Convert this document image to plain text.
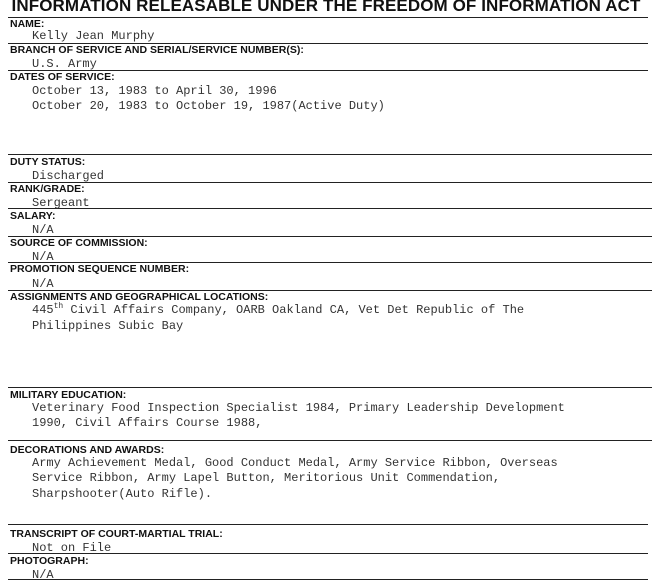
INFORMATION RELEASABLE UNDER THE FREEDOM OF INFORMATION ACT
NAME:
Kelly Jean Murphy
BRANCH OF SERVICE AND SERIAL/SERVICE NUMBER(S):
U.S. Army
DATES OF SERVICE:
October 13, 1983 to April 30, 1996
October 20, 1983 to October 19, 1987(Active Duty)
DUTY STATUS:
Discharged
RANK/GRADE:
Sergeant
SALARY:
N/A
SOURCE OF COMMISSION:
N/A
PROMOTION SEQUENCE NUMBER:
N/A
ASSIGNMENTS AND GEOGRAPHICAL LOCATIONS:
445th Civil Affairs Company, OARB Oakland CA, Vet Det Republic of The
Philippines Subic Bay
MILITARY EDUCATION:
Veterinary Food Inspection Specialist 1984, Primary Leadership Development
1990, Civil Affairs Course 1988,
DECORATIONS AND AWARDS:
Army Achievement Medal, Good Conduct Medal, Army Service Ribbon, Overseas
Service Ribbon, Army Lapel Button, Meritorious Unit Commendation,
Sharpshooter(Auto Rifle).
TRANSCRIPT OF COURT-MARTIAL TRIAL:
Not on File
PHOTOGRAPH:
N/A
